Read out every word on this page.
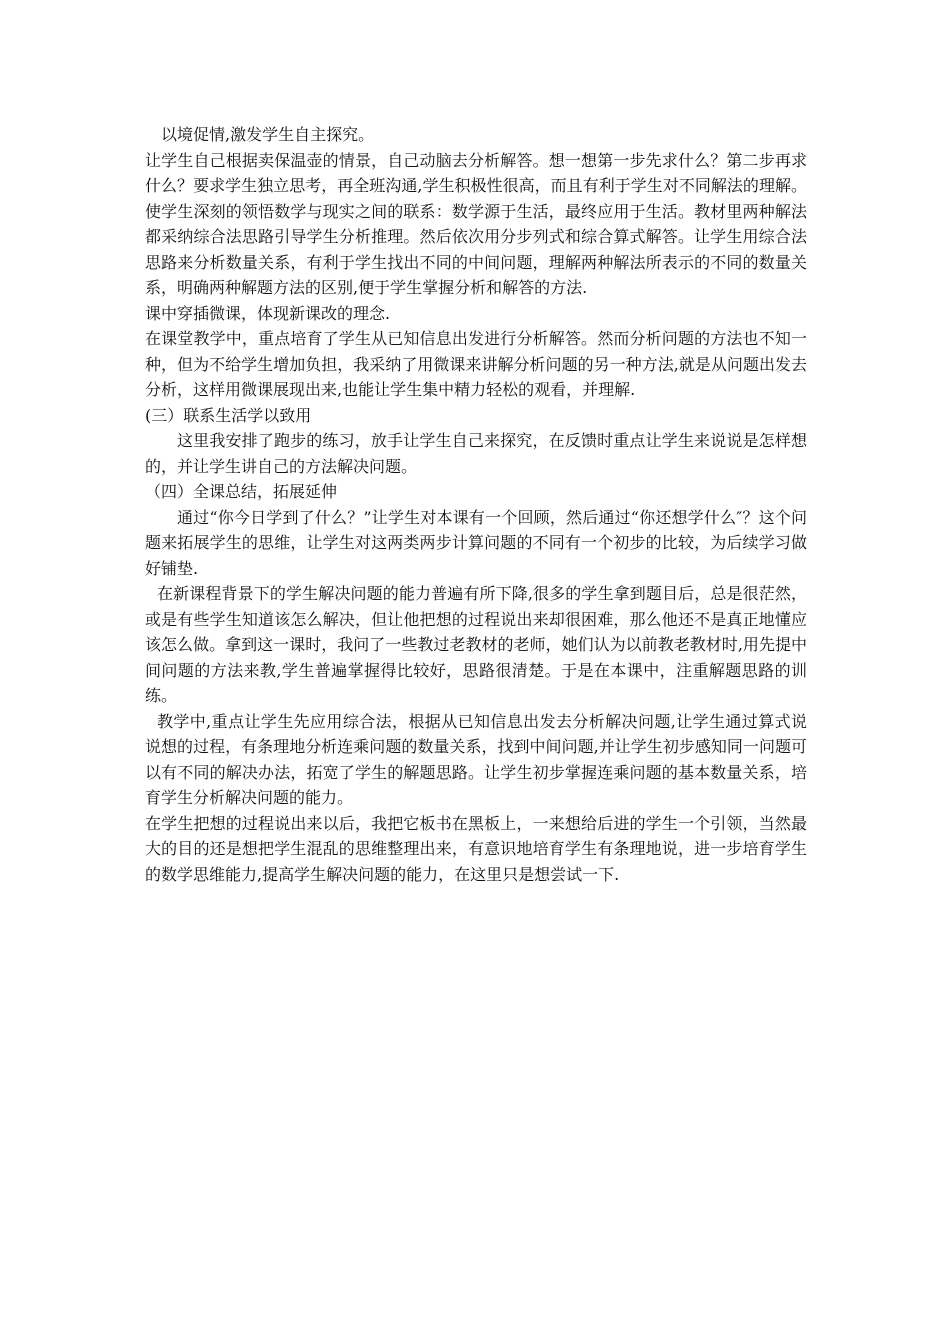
以境促情,激发学生自主探究。

让学生自己根据卖保温壶的情景，自己动脑去分析解答。想一想第一步先求什么？第二步再求什么？要求学生独立思考，再全班沟通,学生积极性很高，而且有利于学生对不同解法的理解。使学生深刻的领悟数学与现实之间的联系：数学源于生活，最终应用于生活。教材里两种解法都采纳综合法思路引导学生分析推理。然后依次用分步列式和综合算式解答。让学生用综合法思路来分析数量关系，有利于学生找出不同的中间问题，理解两种解法所表示的不同的数量关系，明确两种解题方法的区别,便于学生掌握分析和解答的方法.

课中穿插微课，体现新课改的理念.

在课堂教学中，重点培育了学生从已知信息出发进行分析解答。然而分析问题的方法也不知一种，但为不给学生增加负担，我采纳了用微课来讲解分析问题的另一种方法,就是从问题出发去分析，这样用微课展现出来,也能让学生集中精力轻松的观看，并理解.

(三）联系生活学以致用

这里我安排了跑步的练习，放手让学生自己来探究，在反馈时重点让学生来说说是怎样想的，并让学生讲自己的方法解决问题。

（四）全课总结，拓展延伸

通过“你今日学到了什么？”让学生对本课有一个回顾，然后通过“你还想学什么″？这个问题来拓展学生的思维，让学生对这两类两步计算问题的不同有一个初步的比较，为后续学习做好铺垫.

在新课程背景下的学生解决问题的能力普遍有所下降,很多的学生拿到题目后，总是很茫然，或是有些学生知道该怎么解决，但让他把想的过程说出来却很困难，那么他还不是真正地懂应该怎么做。拿到这一课时，我问了一些教过老教材的老师，她们认为以前教老教材时,用先提中间问题的方法来教,学生普遍掌握得比较好，思路很清楚。于是在本课中，注重解题思路的训练。

教学中,重点让学生先应用综合法，根据从已知信息出发去分析解决问题,让学生通过算式说说想的过程，有条理地分析连乘问题的数量关系，找到中间问题,并让学生初步感知同一问题可以有不同的解决办法，拓宽了学生的解题思路。让学生初步掌握连乘问题的基本数量关系，培育学生分析解决问题的能力。

在学生把想的过程说出来以后，我把它板书在黑板上，一来想给后进的学生一个引领，当然最大的目的还是想把学生混乱的思维整理出来，有意识地培育学生有条理地说，进一步培育学生的数学思维能力,提高学生解决问题的能力，在这里只是想尝试一下.
